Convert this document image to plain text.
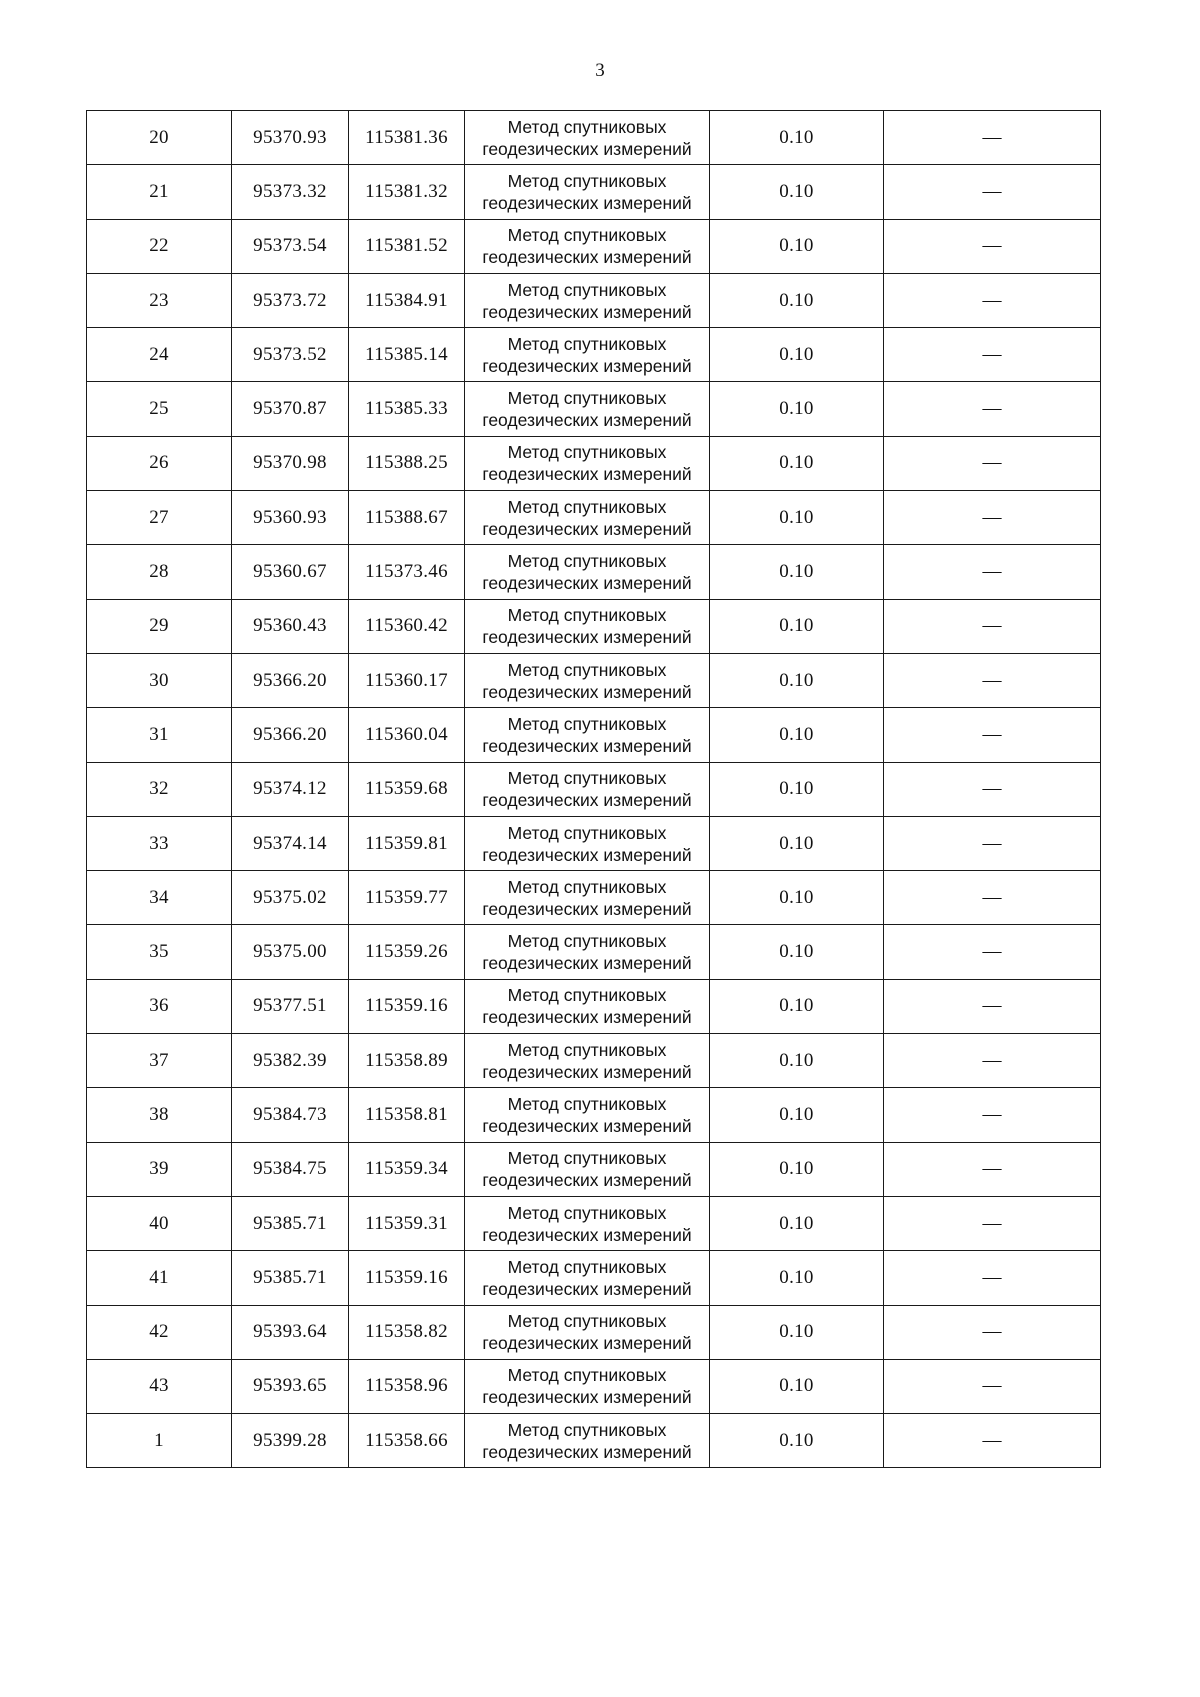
3
20	95370.93	115381.36	Метод спутниковых
геодезических измерений	0.10	—
21	95373.32	115381.32	Метод спутниковых
геодезических измерений	0.10	—
22	95373.54	115381.52	Метод спутниковых
геодезических измерений	0.10	—
23	95373.72	115384.91	Метод спутниковых
геодезических измерений	0.10	—
24	95373.52	115385.14	Метод спутниковых
геодезических измерений	0.10	—
25	95370.87	115385.33	Метод спутниковых
геодезических измерений	0.10	—
26	95370.98	115388.25	Метод спутниковых
геодезических измерений	0.10	—
27	95360.93	115388.67	Метод спутниковых
геодезических измерений	0.10	—
28	95360.67	115373.46	Метод спутниковых
геодезических измерений	0.10	—
29	95360.43	115360.42	Метод спутниковых
геодезических измерений	0.10	—
30	95366.20	115360.17	Метод спутниковых
геодезических измерений	0.10	—
31	95366.20	115360.04	Метод спутниковых
геодезических измерений	0.10	—
32	95374.12	115359.68	Метод спутниковых
геодезических измерений	0.10	—
33	95374.14	115359.81	Метод спутниковых
геодезических измерений	0.10	—
34	95375.02	115359.77	Метод спутниковых
геодезических измерений	0.10	—
35	95375.00	115359.26	Метод спутниковых
геодезических измерений	0.10	—
36	95377.51	115359.16	Метод спутниковых
геодезических измерений	0.10	—
37	95382.39	115358.89	Метод спутниковых
геодезических измерений	0.10	—
38	95384.73	115358.81	Метод спутниковых
геодезических измерений	0.10	—
39	95384.75	115359.34	Метод спутниковых
геодезических измерений	0.10	—
40	95385.71	115359.31	Метод спутниковых
геодезических измерений	0.10	—
41	95385.71	115359.16	Метод спутниковых
геодезических измерений	0.10	—
42	95393.64	115358.82	Метод спутниковых
геодезических измерений	0.10	—
43	95393.65	115358.96	Метод спутниковых
геодезических измерений	0.10	—
1	95399.28	115358.66	Метод спутниковых
геодезических измерений	0.10	—
